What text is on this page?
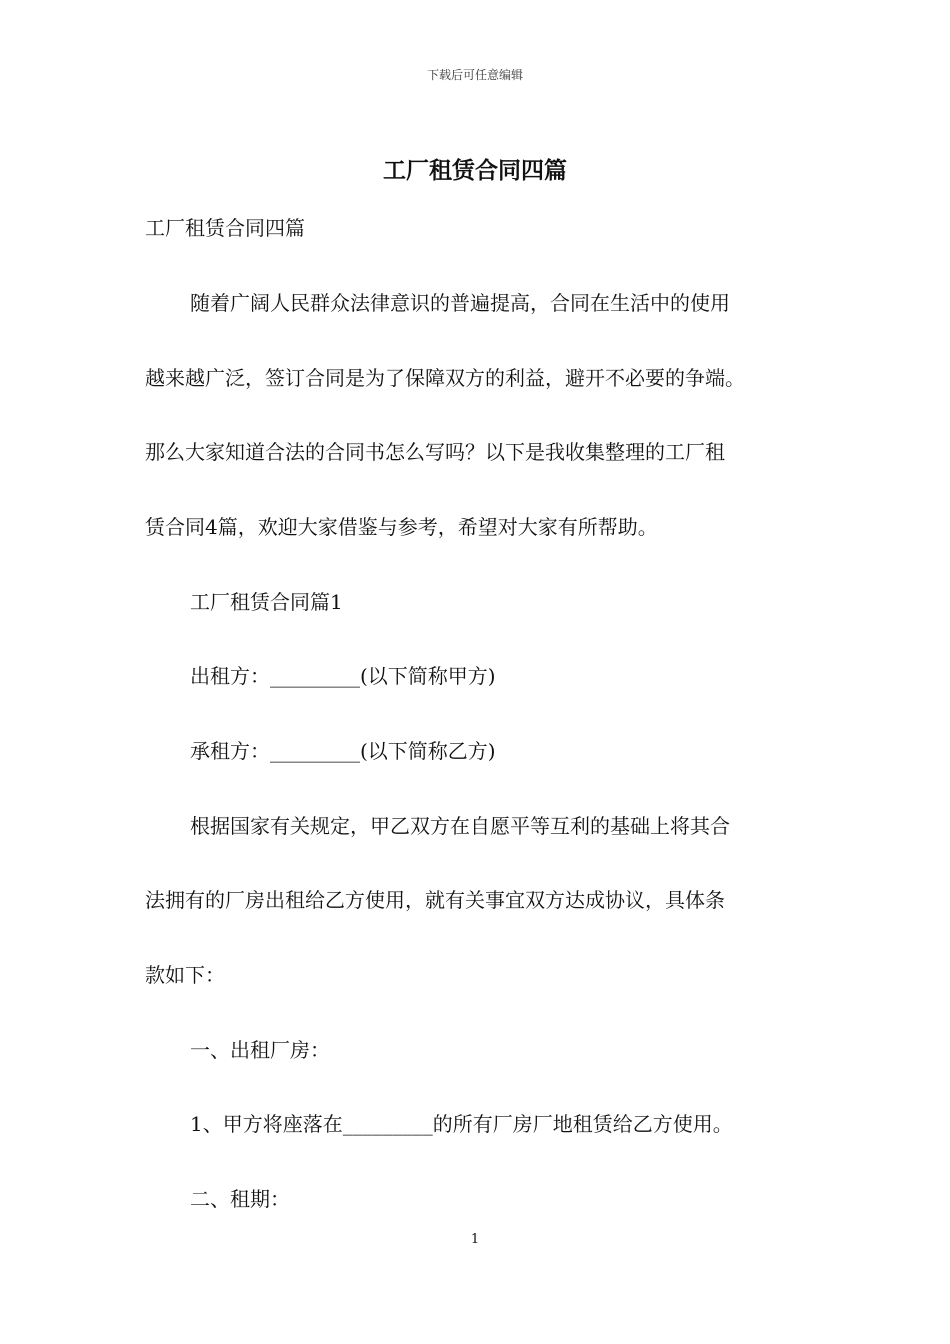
下载后可任意编辑
工厂租赁合同四篇

工厂租赁合同四篇

随着广阔人民群众法律意识的普遍提高，合同在生活中的使用

越来越广泛，签订合同是为了保障双方的利益，避开不必要的争端。

那么大家知道合法的合同书怎么写吗？以下是我收集整理的工厂租

赁合同4篇，欢迎大家借鉴与参考，希望对大家有所帮助。

工厂租赁合同篇1

出租方：_________(以下简称甲方)

承租方：_________(以下简称乙方)

根据国家有关规定，甲乙双方在自愿平等互利的基础上将其合

法拥有的厂房出租给乙方使用，就有关事宜双方达成协议，具体条

款如下：

一、出租厂房：

1、甲方将座落在_________的所有厂房厂地租赁给乙方使用。

二、租期：

1
